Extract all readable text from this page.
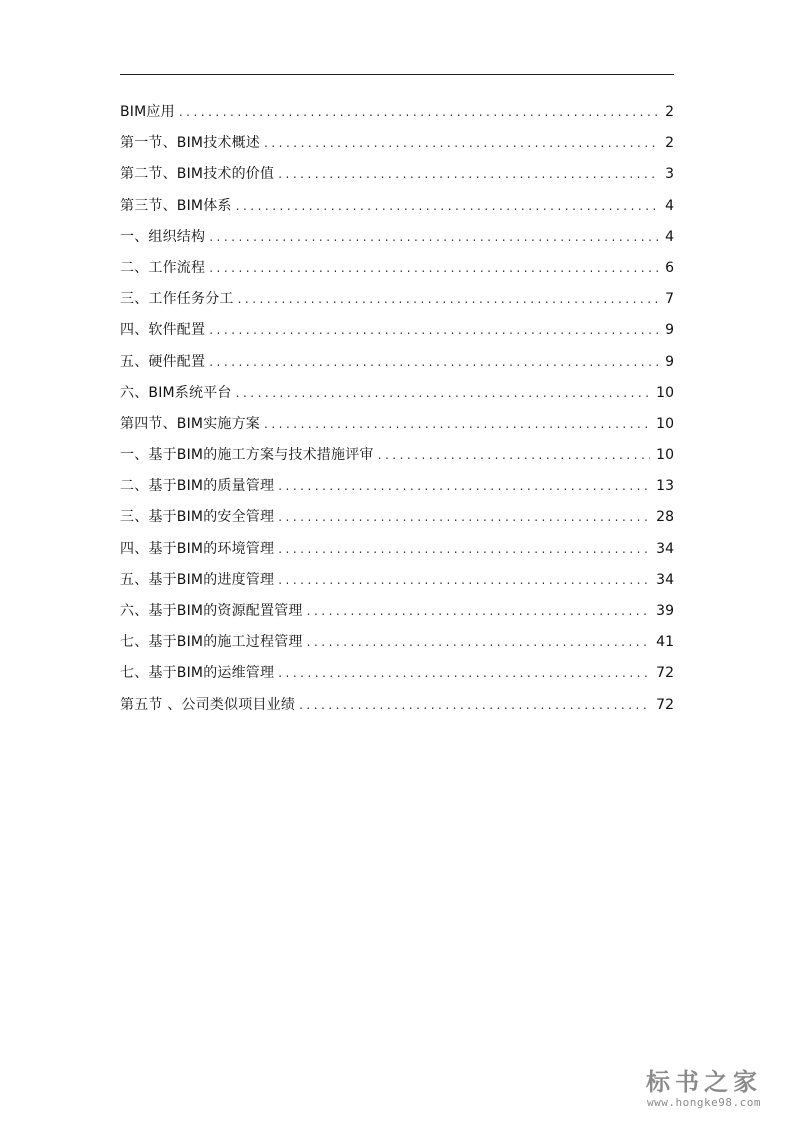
BIM应用 .....	2
第一节、BIM技术概述 .....	2
第二节、BIM技术的价值 .....	3
第三节、BIM体系 .....	4
一、组织结构 .....	4
二、工作流程 .....	6
三、工作任务分工 .....	7
四、软件配置 .....	9
五、硬件配置 .....	9
六、BIM系统平台 .....	10
第四节、BIM实施方案 .....	10
一、基于BIM的施工方案与技术措施评审 .....	10
二、基于BIM的质量管理 .....	13
三、基于BIM的安全管理 .....	28
四、基于BIM的环境管理 .....	34
五、基于BIM的进度管理 .....	34
六、基于BIM的资源配置管理 .....	39
七、基于BIM的施工过程管理 .....	41
七、基于BIM的运维管理 .....	72
第五节 、公司类似项目业绩 .....	72
标书之家
www.hongke98.com
